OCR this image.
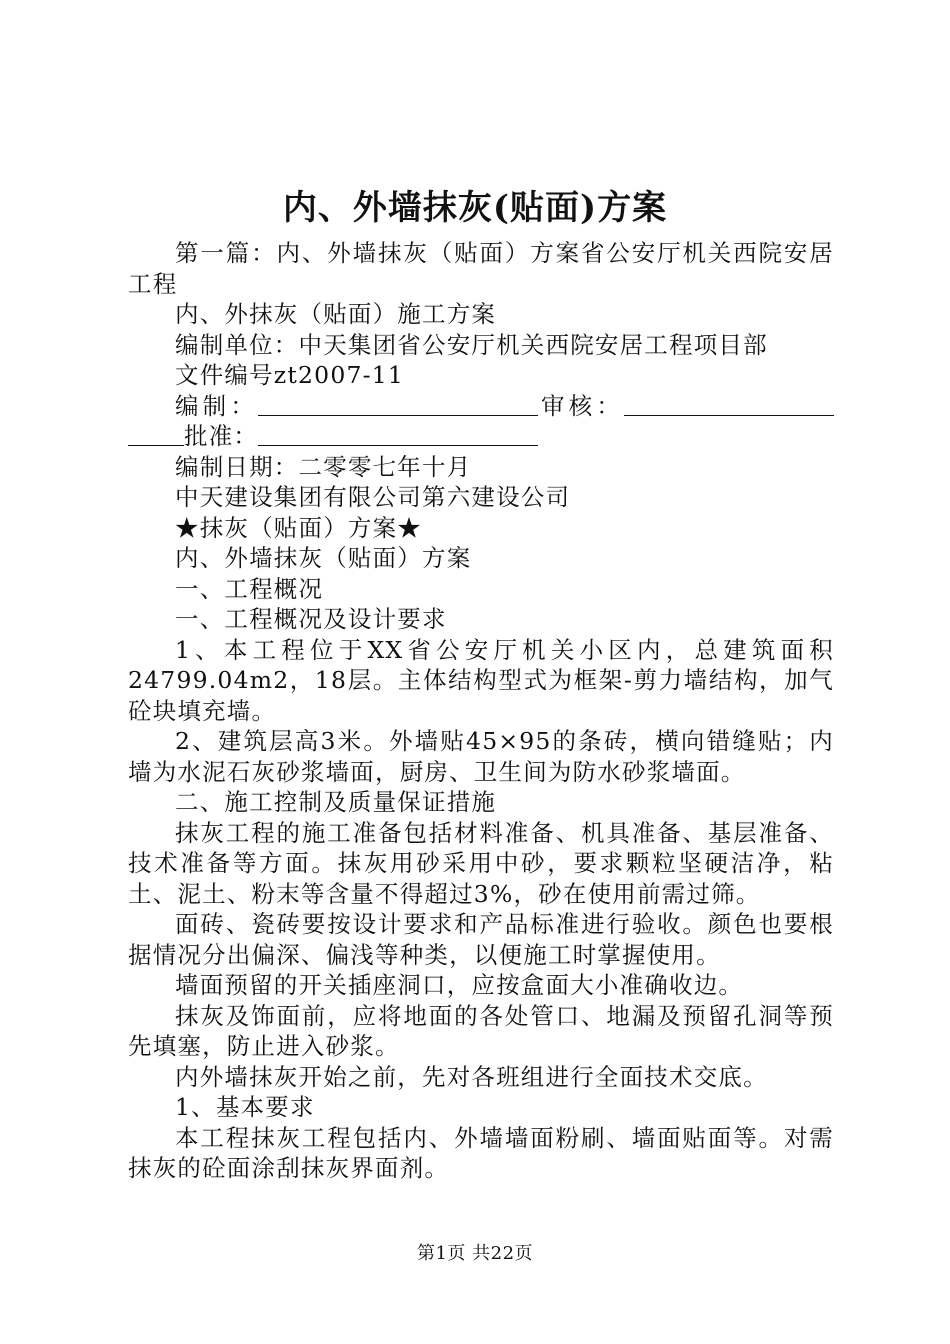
内、外墙抹灰(贴面)方案

第一篇：内、外墙抹灰（贴面）方案省公安厅机关西院安居工程

内、外抹灰（贴面）施工方案

编制单位：中天集团省公安厅机关西院安居工程项目部

文件编号zt2007-11

编制：	审核：批准：

编制日期：二零零七年十月

中天建设集团有限公司第六建设公司

★抹灰（贴面）方案★

内、外墙抹灰（贴面）方案

一、工程概况

一、工程概况及设计要求

1、本工程位于XX省公安厅机关小区内，总建筑面积24799.04m2，18层。主体结构型式为框架-剪力墙结构，加气砼块填充墙。

2、建筑层高3米。外墙贴45×95的条砖，横向错缝贴；内墙为水泥石灰砂浆墙面，厨房、卫生间为防水砂浆墙面。

二、施工控制及质量保证措施

抹灰工程的施工准备包括材料准备、机具准备、基层准备、技术准备等方面。抹灰用砂采用中砂，要求颗粒坚硬洁净，粘土、泥土、粉末等含量不得超过3%，砂在使用前需过筛。

面砖、瓷砖要按设计要求和产品标准进行验收。颜色也要根据情况分出偏深、偏浅等种类，以便施工时掌握使用。

墙面预留的开关插座洞口，应按盒面大小准确收边。

抹灰及饰面前，应将地面的各处管口、地漏及预留孔洞等预先填塞，防止进入砂浆。

内外墙抹灰开始之前，先对各班组进行全面技术交底。

1、基本要求

本工程抹灰工程包括内、外墙墙面粉刷、墙面贴面等。对需抹灰的砼面涂刮抹灰界面剂。

第1页 共22页
